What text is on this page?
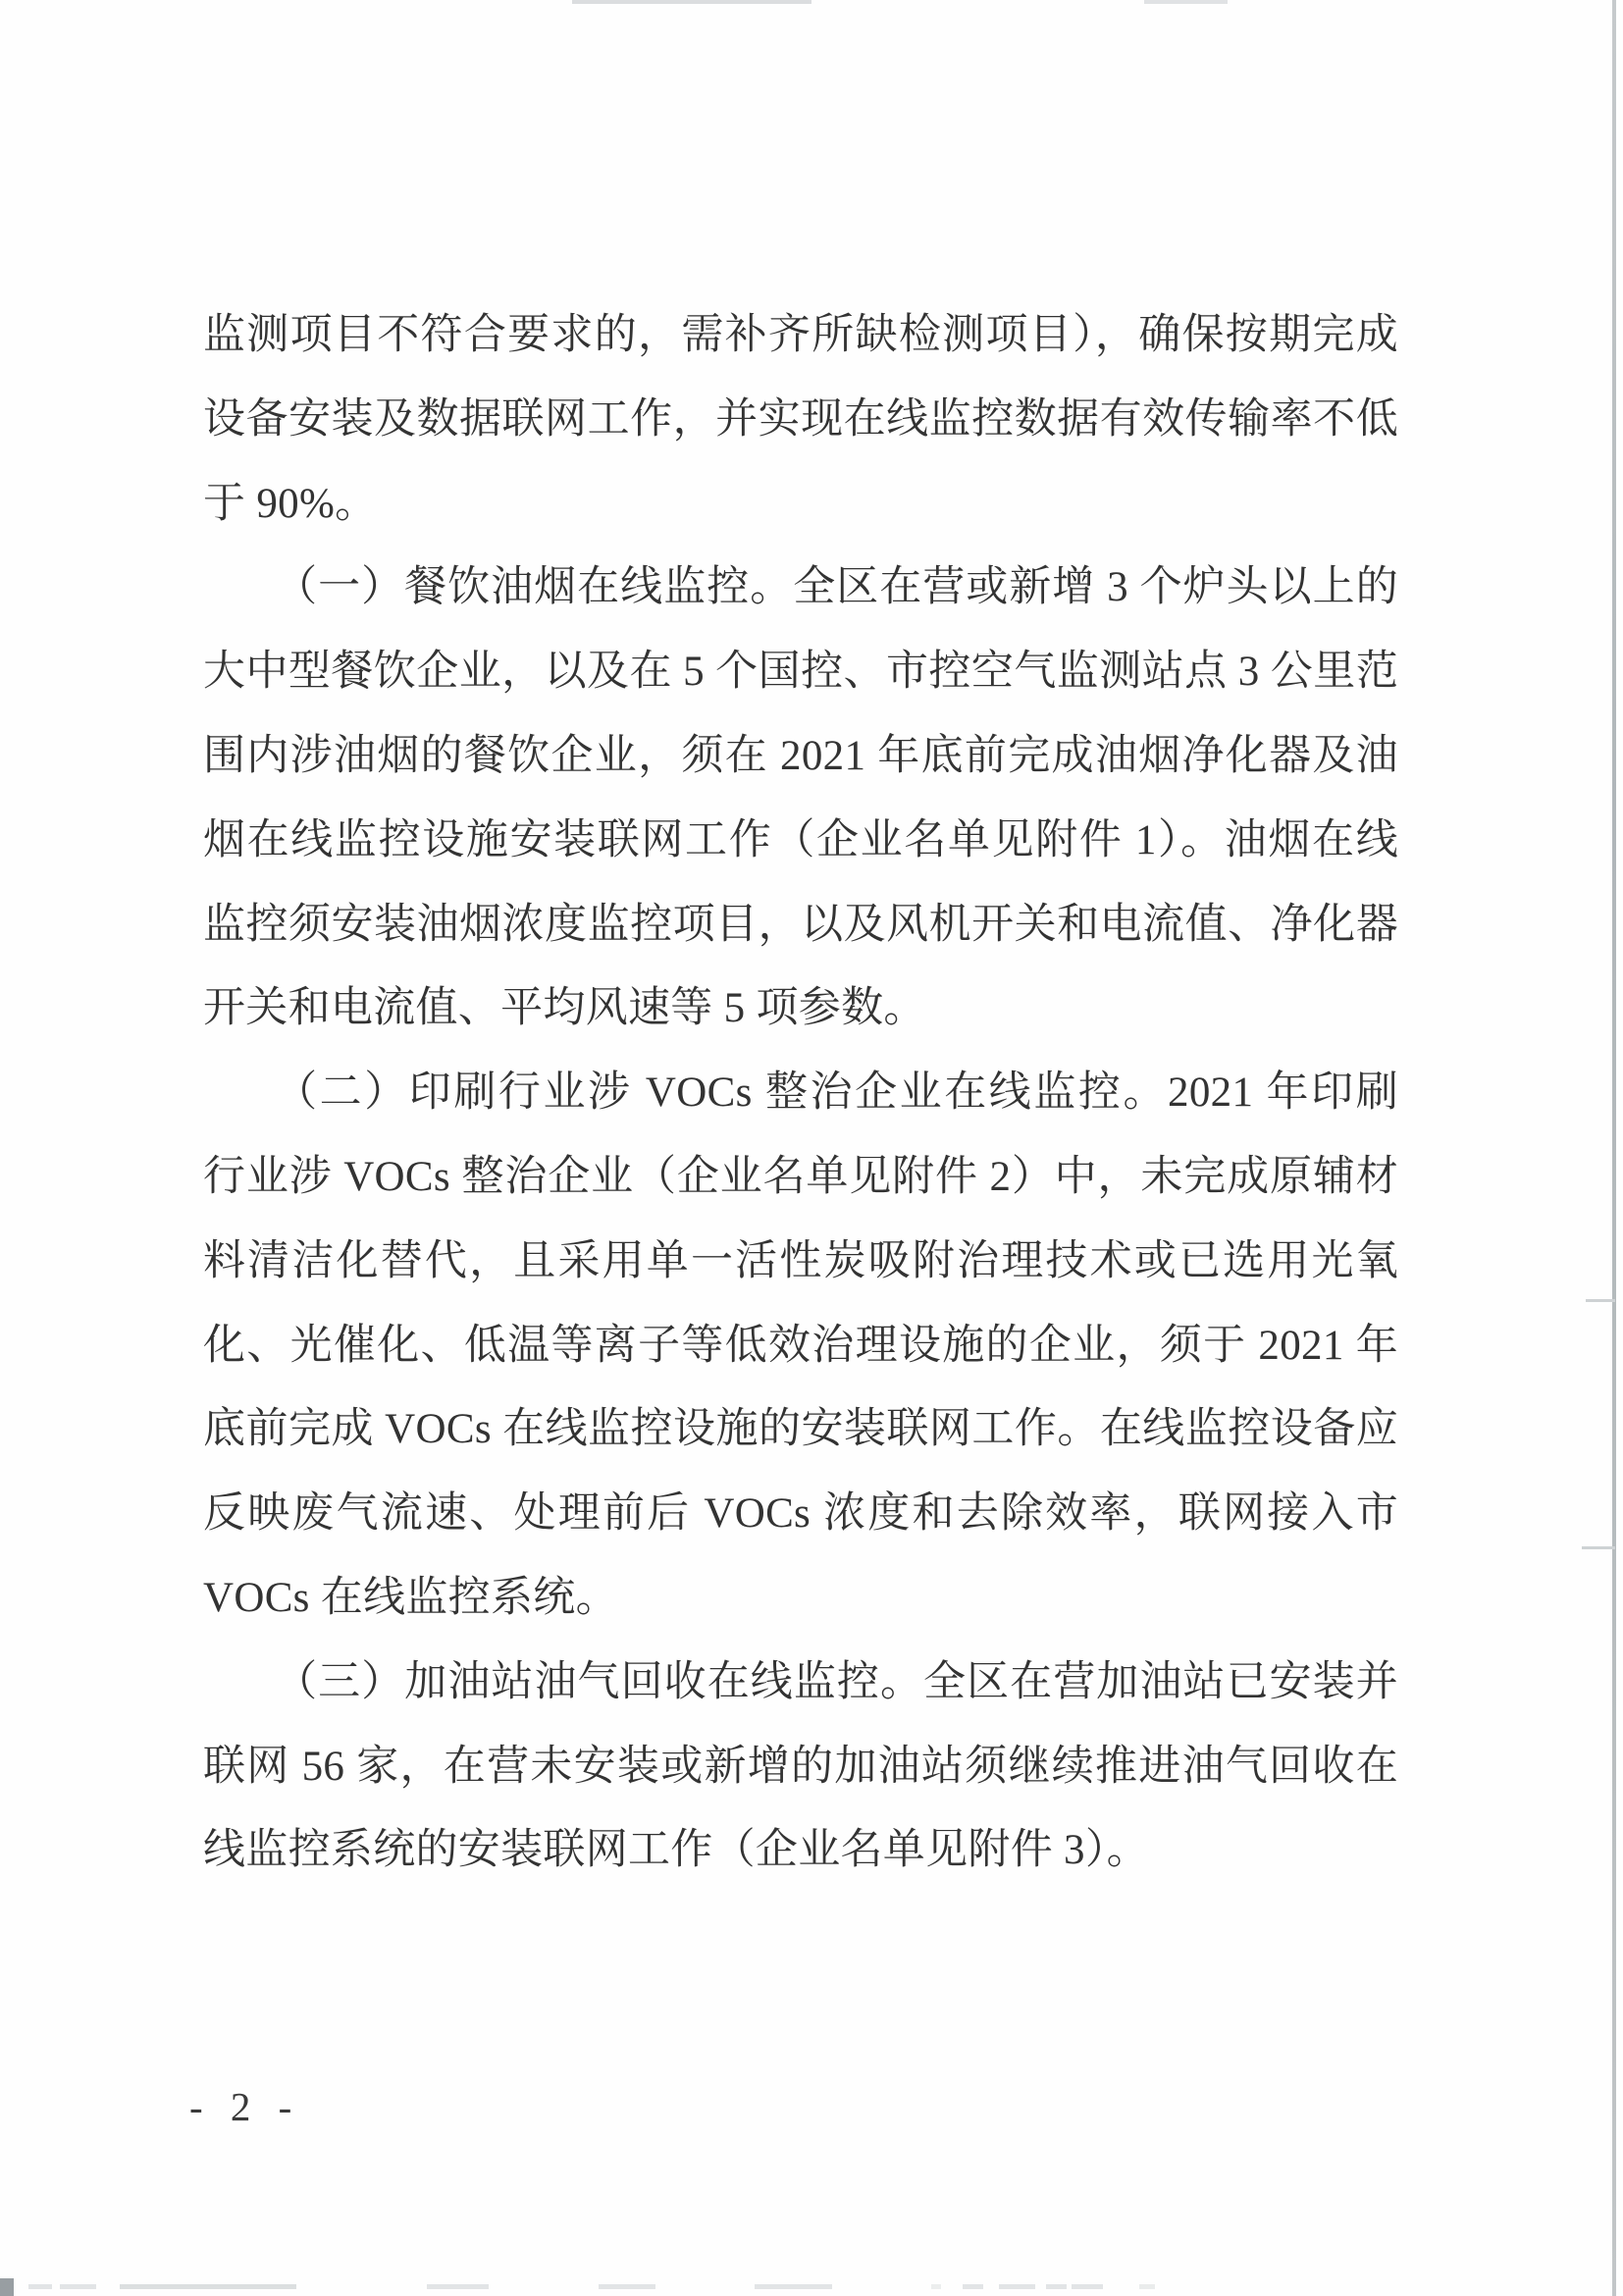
监测项目不符合要求的，需补齐所缺检测项目），确保按期完成
设备安装及数据联网工作，并实现在线监控数据有效传输率不低
于 90%。
（一）餐饮油烟在线监控。全区在营或新增 3 个炉头以上的
大中型餐饮企业，以及在 5 个国控、市控空气监测站点 3 公里范
围内涉油烟的餐饮企业，须在 2021 年底前完成油烟净化器及油
烟在线监控设施安装联网工作（企业名单见附件 1）。油烟在线
监控须安装油烟浓度监控项目，以及风机开关和电流值、净化器
开关和电流值、平均风速等 5 项参数。
（二）印刷行业涉 VOCs 整治企业在线监控。2021 年印刷
行业涉 VOCs 整治企业（企业名单见附件 2）中，未完成原辅材
料清洁化替代，且采用单一活性炭吸附治理技术或已选用光氧
化、光催化、低温等离子等低效治理设施的企业，须于 2021 年
底前完成 VOCs 在线监控设施的安装联网工作。在线监控设备应
反映废气流速、处理前后 VOCs 浓度和去除效率，联网接入市
VOCs 在线监控系统。
（三）加油站油气回收在线监控。全区在营加油站已安装并
联网 56 家，在营未安装或新增的加油站须继续推进油气回收在
线监控系统的安装联网工作（企业名单见附件 3）。
- 2 -
